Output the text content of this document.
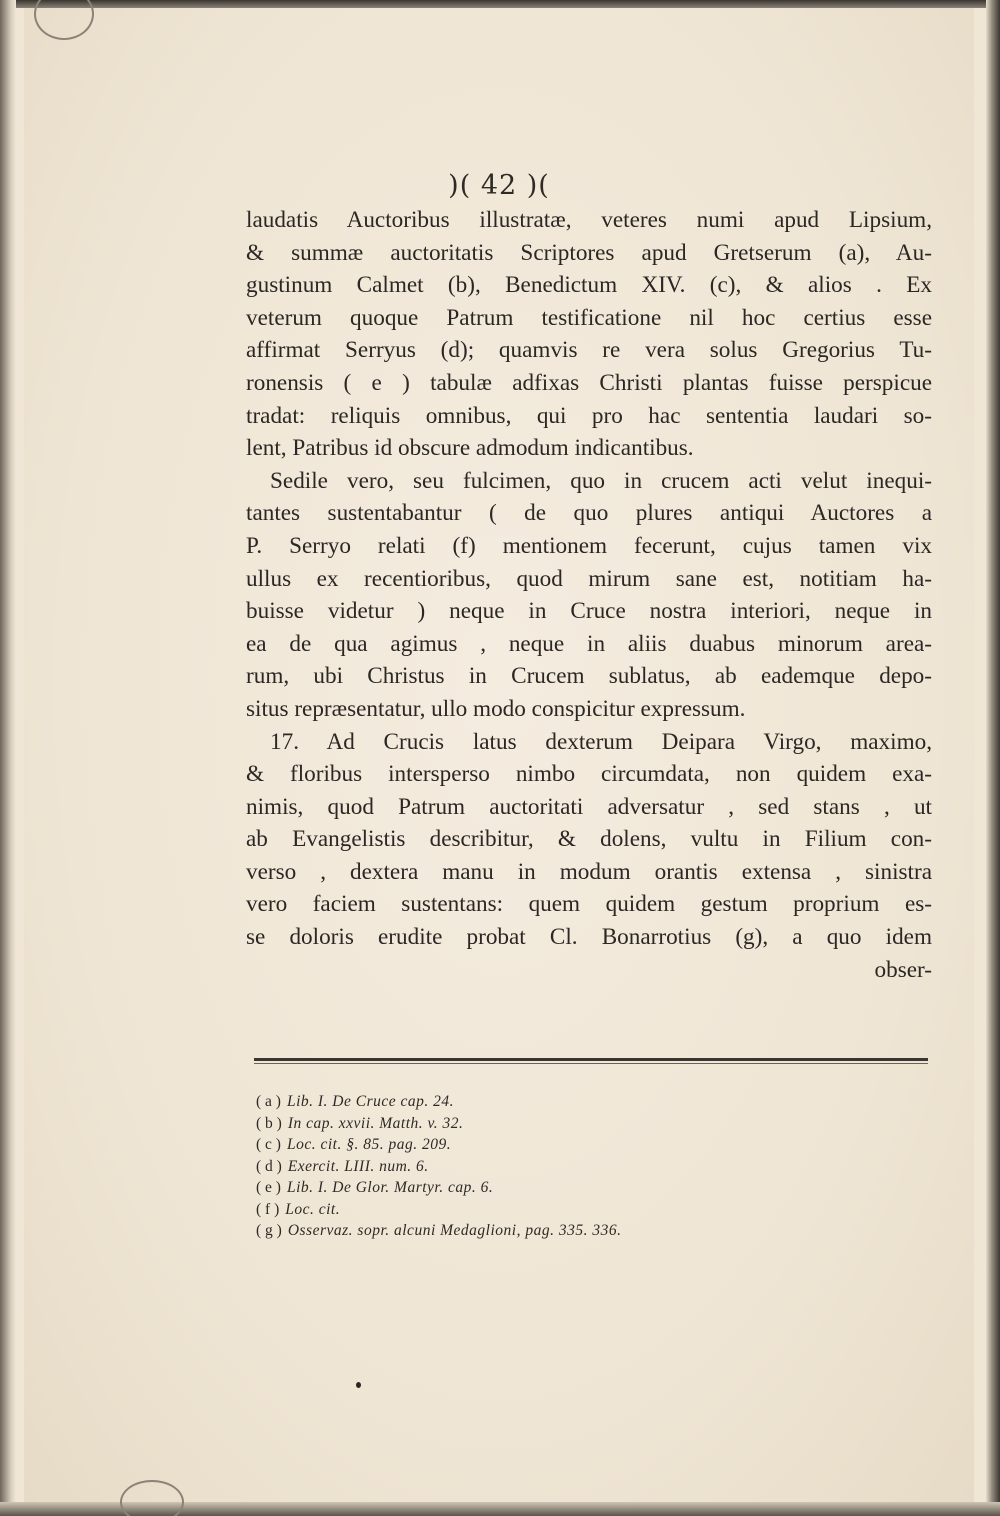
)( 42 )(
laudatis Auctoribus illustratæ, veteres numi apud Lipsium,
& summæ auctoritatis Scriptores apud Gretserum (a), Au-
gustinum Calmet (b), Benedictum XIV. (c), & alios . Ex
veterum quoque Patrum testificatione nil hoc certius esse
affirmat Serryus (d); quamvis re vera solus Gregorius Tu-
ronensis ( e ) tabulæ adfixas Christi plantas fuisse perspicue
tradat: reliquis omnibus, qui pro hac sententia laudari so-
lent, Patribus id obscure admodum indicantibus.
Sedile vero, seu fulcimen, quo in crucem acti velut inequi-
tantes sustentabantur ( de quo plures antiqui Auctores a
P. Serryo relati (f) mentionem fecerunt, cujus tamen vix
ullus ex recentioribus, quod mirum sane est, notitiam ha-
buisse videtur ) neque in Cruce nostra interiori, neque in
ea de qua agimus , neque in aliis duabus minorum area-
rum, ubi Christus in Crucem sublatus, ab eademque depo-
situs repræsentatur, ullo modo conspicitur expressum.
17. Ad Crucis latus dexterum Deipara Virgo, maximo,
& floribus intersperso nimbo circumdata, non quidem exa-
nimis, quod Patrum auctoritati adversatur , sed stans , ut
ab Evangelistis describitur, & dolens, vultu in Filium con-
verso , dextera manu in modum orantis extensa , sinistra
vero faciem sustentans: quem quidem gestum proprium es-
se doloris erudite probat Cl. Bonarrotius (g), a quo idem
obser-
( a ) Lib. I. De Cruce cap. 24.
( b ) In cap. xxvii. Matth. v. 32.
( c ) Loc. cit. §. 85. pag. 209.
( d ) Exercit. LIII. num. 6.
( e ) Lib. I. De Glor. Martyr. cap. 6.
( f ) Loc. cit.
( g ) Osservaz. sopr. alcuni Medaglioni, pag. 335. 336.
